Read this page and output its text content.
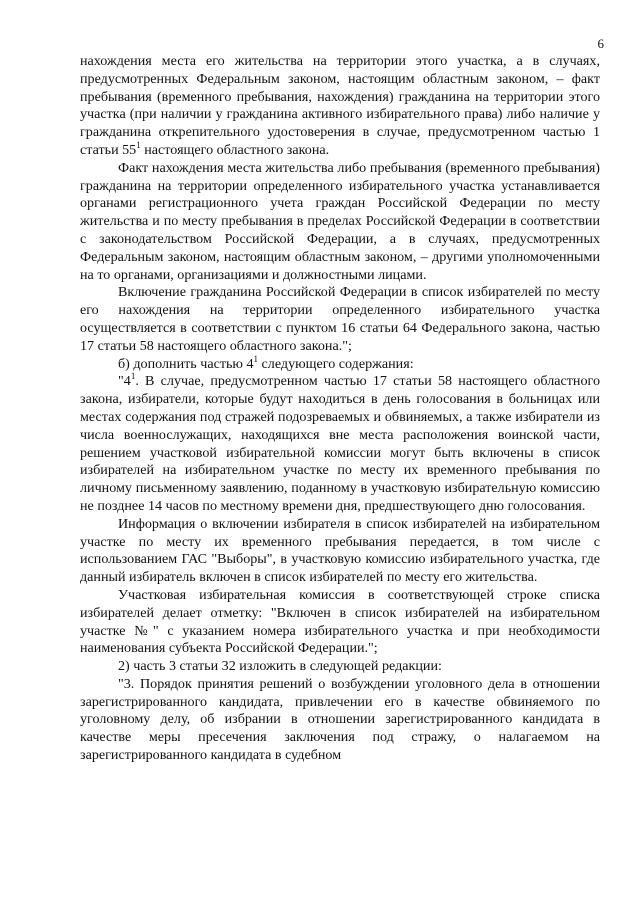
6

нахождения места его жительства на территории этого участка, а в случаях, предусмотренных Федеральным законом, настоящим областным законом, – факт пребывания (временного пребывания, нахождения) гражданина на территории этого участка (при наличии у гражданина активного избирательного права) либо наличие у гражданина открепительного удостоверения в случае, предусмотренном частью 1 статьи $55^1$ настоящего областного закона.

Факт нахождения места жительства либо пребывания (временного пребывания) гражданина на территории определенного избирательного участка устанавливается органами регистрационного учета граждан Российской Федерации по месту жительства и по месту пребывания в пределах Российской Федерации в соответствии с законодательством Российской Федерации, а в случаях, предусмотренных Федеральным законом, настоящим областным законом, – другими уполномоченными на то органами, организациями и должностными лицами.

Включение гражданина Российской Федерации в список избирателей по месту его нахождения на территории определенного избирательного участка осуществляется в соответствии с пунктом 16 статьи 64 Федерального закона, частью 17 статьи 58 настоящего областного закона.";

б) дополнить частью $4^1$ следующего содержания:

"$4^1$. В случае, предусмотренном частью 17 статьи 58 настоящего областного закона, избиратели, которые будут находиться в день голосования в больницах или местах содержания под стражей подозреваемых и обвиняемых, а также избиратели из числа военнослужащих, находящихся вне места расположения воинской части, решением участковой избирательной комиссии могут быть включены в список избирателей на избирательном участке по месту их временного пребывания по личному письменному заявлению, поданному в участковую избирательную комиссию не позднее 14 часов по местному времени дня, предшествующего дню голосования.

Информация о включении избирателя в список избирателей на избирательном участке по месту их временного пребывания передается, в том числе с использованием ГАС "Выборы", в участковую комиссию избирательного участка, где данный избиратель включен в список избирателей по месту его жительства.

Участковая избирательная комиссия в соответствующей строке списка избирателей делает отметку: "Включен в список избирателей на избирательном участке №" с указанием номера избирательного участка и при необходимости наименования субъекта Российской Федерации.";

2) часть 3 статьи 32 изложить в следующей редакции:

"3. Порядок принятия решений о возбуждении уголовного дела в отношении зарегистрированного кандидата, привлечении его в качестве обвиняемого по уголовному делу, об избрании в отношении зарегистрированного кандидата в качестве меры пресечения заключения под стражу, о налагаемом на зарегистрированного кандидата в судебном
